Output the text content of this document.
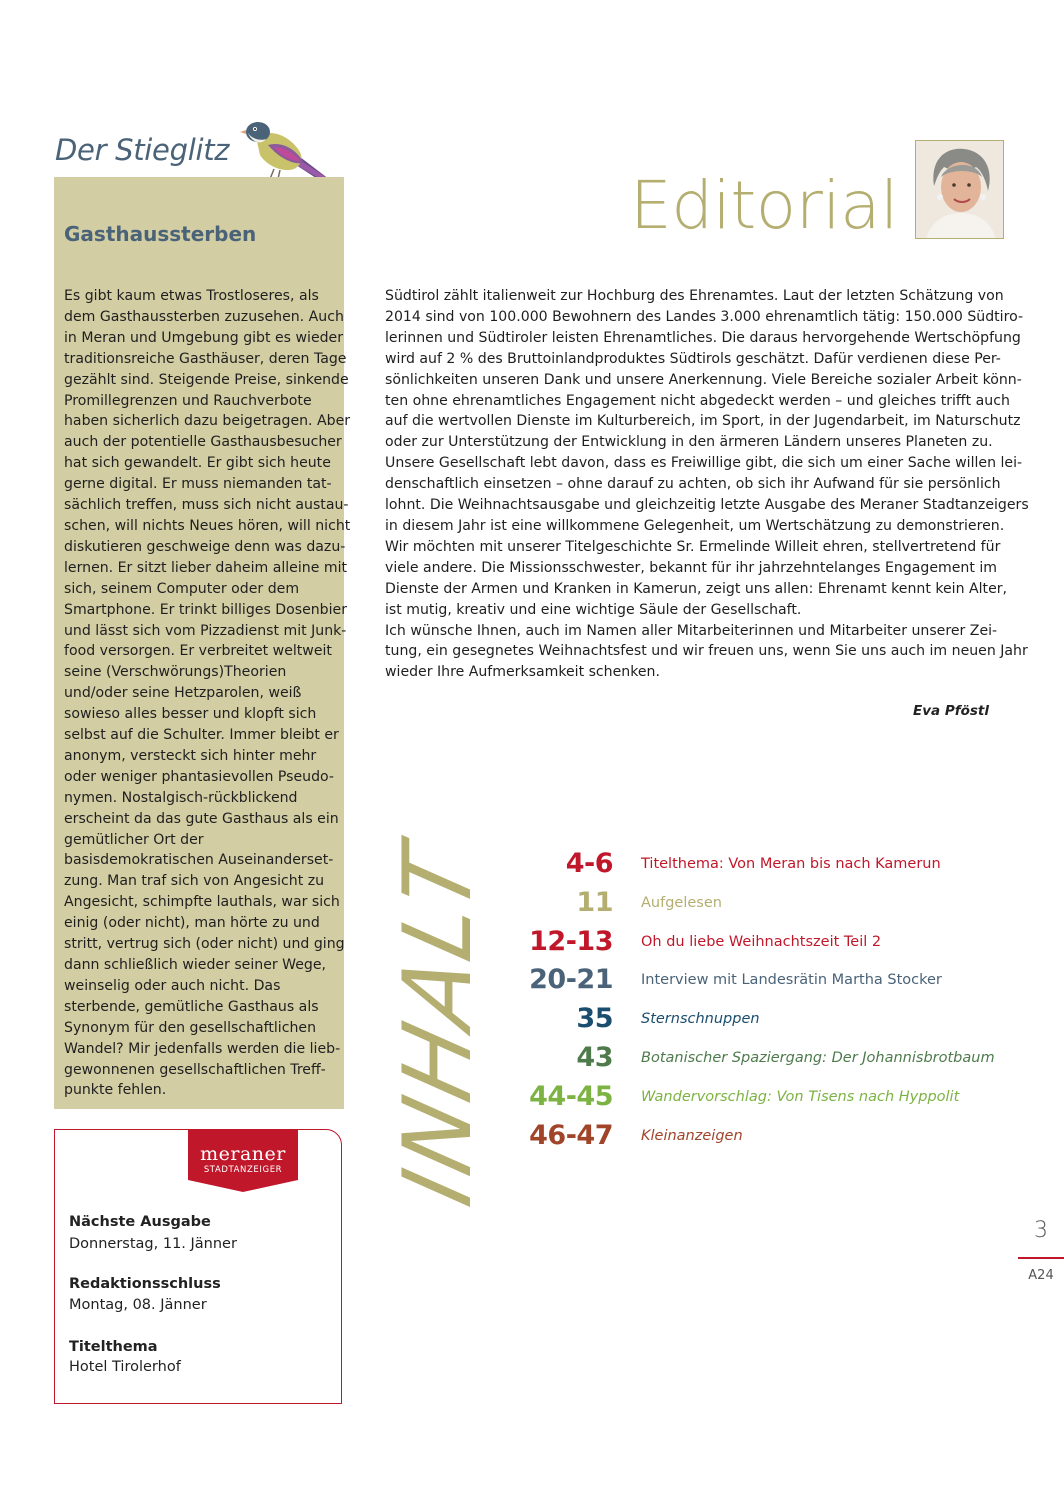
Der Stieglitz
Gasthaussterben
Es gibt kaum etwas Trostloseres, als
dem Gasthaussterben zuzusehen. Auch
in Meran und Umgebung gibt es wieder
traditionsreiche Gasthäuser, deren Tage
gezählt sind. Steigende Preise, sinkende
Promillegrenzen und Rauchverbote
haben sicherlich dazu beigetragen. Aber
auch der potentielle Gasthausbesucher
hat sich gewandelt. Er gibt sich heute
gerne digital. Er muss niemanden tat-
sächlich treffen, muss sich nicht austau-
schen, will nichts Neues hören, will nicht
diskutieren geschweige denn was dazu-
lernen. Er sitzt lieber daheim alleine mit
sich, seinem Computer oder dem
Smartphone. Er trinkt billiges Dosenbier
und lässt sich vom Pizzadienst mit Junk-
food versorgen. Er verbreitet weltweit
seine (Verschwörungs)Theorien
und/oder seine Hetzparolen, weiß
sowieso alles besser und klopft sich
selbst auf die Schulter. Immer bleibt er
anonym, versteckt sich hinter mehr
oder weniger phantasievollen Pseudo-
nymen. Nostalgisch-rückblickend
erscheint da das gute Gasthaus als ein
gemütlicher Ort der
basisdemokratischen Auseinanderset-
zung. Man traf sich von Angesicht zu
Angesicht, schimpfte lauthals, war sich
einig (oder nicht), man hörte zu und
stritt, vertrug sich (oder nicht) und ging
dann schließlich wieder seiner Wege,
weinselig oder auch nicht. Das
sterbende, gemütliche Gasthaus als
Synonym für den gesellschaftlichen
Wandel? Mir jedenfalls werden die lieb-
gewonnenen gesellschaftlichen Treff-
punkte fehlen.
meraner
STADTANZEIGER
Nächste Ausgabe
Donnerstag, 11. Jänner
Redaktionsschluss
Montag, 08. Jänner
Titelthema
Hotel Tirolerhof
Editorial
Südtirol zählt italienweit zur Hochburg des Ehrenamtes. Laut der letzten Schätzung von
2014 sind von 100.000 Bewohnern des Landes 3.000 ehrenamtlich tätig: 150.000 Südtiro-
lerinnen und Südtiroler leisten Ehrenamtliches. Die daraus hervorgehende Wertschöpfung
wird auf 2 % des Bruttoinlandproduktes Südtirols geschätzt. Dafür verdienen diese Per-
sönlichkeiten unseren Dank und unsere Anerkennung. Viele Bereiche sozialer Arbeit könn-
ten ohne ehrenamtliches Engagement nicht abgedeckt werden – und gleiches trifft auch
auf die wertvollen Dienste im Kulturbereich, im Sport, in der Jugendarbeit, im Naturschutz
oder zur Unterstützung der Entwicklung in den ärmeren Ländern unseres Planeten zu.
Unsere Gesellschaft lebt davon, dass es Freiwillige gibt, die sich um einer Sache willen lei-
denschaftlich einsetzen – ohne darauf zu achten, ob sich ihr Aufwand für sie persönlich
lohnt. Die Weihnachtsausgabe und gleichzeitig letzte Ausgabe des Meraner Stadtanzeigers
in diesem Jahr ist eine willkommene Gelegenheit, um Wertschätzung zu demonstrieren.
Wir möchten mit unserer Titelgeschichte Sr. Ermelinde Willeit ehren, stellvertretend für
viele andere. Die Missionsschwester, bekannt für ihr jahrzehntelanges Engagement im
Dienste der Armen und Kranken in Kamerun, zeigt uns allen: Ehrenamt kennt kein Alter,
ist mutig, kreativ und eine wichtige Säule der Gesellschaft.
Ich wünsche Ihnen, auch im Namen aller Mitarbeiterinnen und Mitarbeiter unserer Zei-
tung, ein gesegnetes Weihnachtsfest und wir freuen uns, wenn Sie uns auch im neuen Jahr
wieder Ihre Aufmerksamkeit schenken.
Eva Pföstl
INHALT	4-6 Titelthema: Von Meran bis nach Kamerun
11 Aufgelesen
12-13 Oh du liebe Weihnachtszeit Teil 2
20-21 Interview mit Landesrätin Martha Stocker
35 Sternschnuppen
43 Botanischer Spaziergang: Der Johannisbrotbaum
44-45 Wandervorschlag: Von Tisens nach Hyppolit
46-47 Kleinanzeigen
3
A24
